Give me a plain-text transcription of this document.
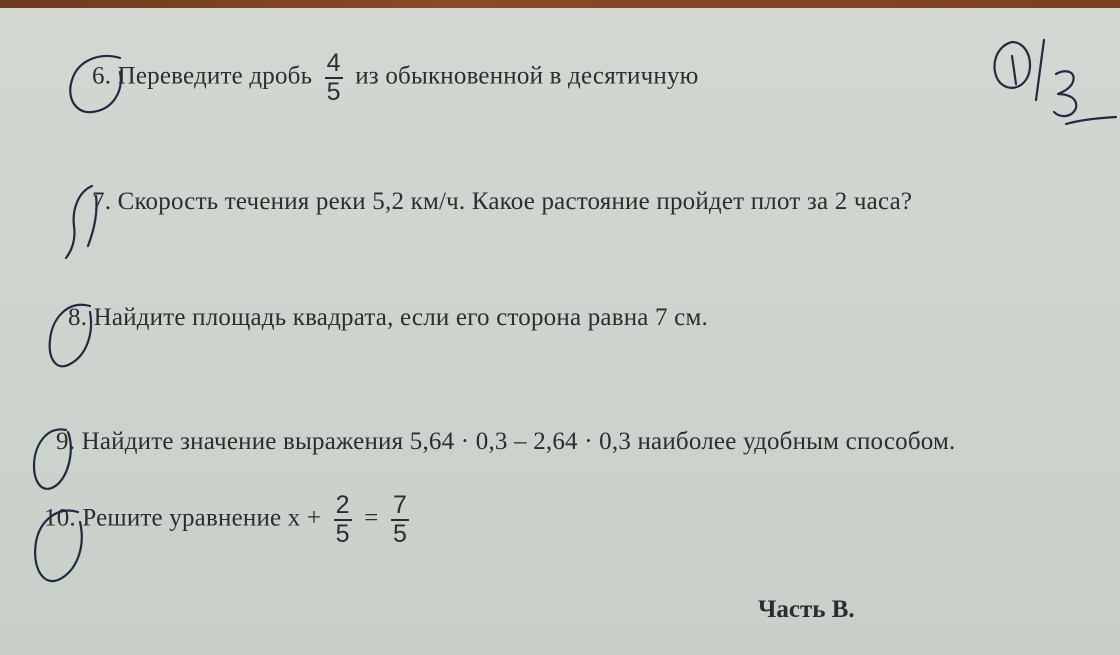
6. Переведите дробь $\frac{4}{5}$ из обыкновенной в десятичную
7. Скорость течения реки 5,2 км/ч. Какое растояние пройдет плот за 2 часа?
8. Найдите площадь квадрата, если его сторона равна 7 см.
9. Найдите значение выражения 5,64 · 0,3 – 2,64 · 0,3 наиболее удобным способом.
10. Решите уравнение $x + \frac{2}{5} = \frac{7}{5}$
Часть В.
